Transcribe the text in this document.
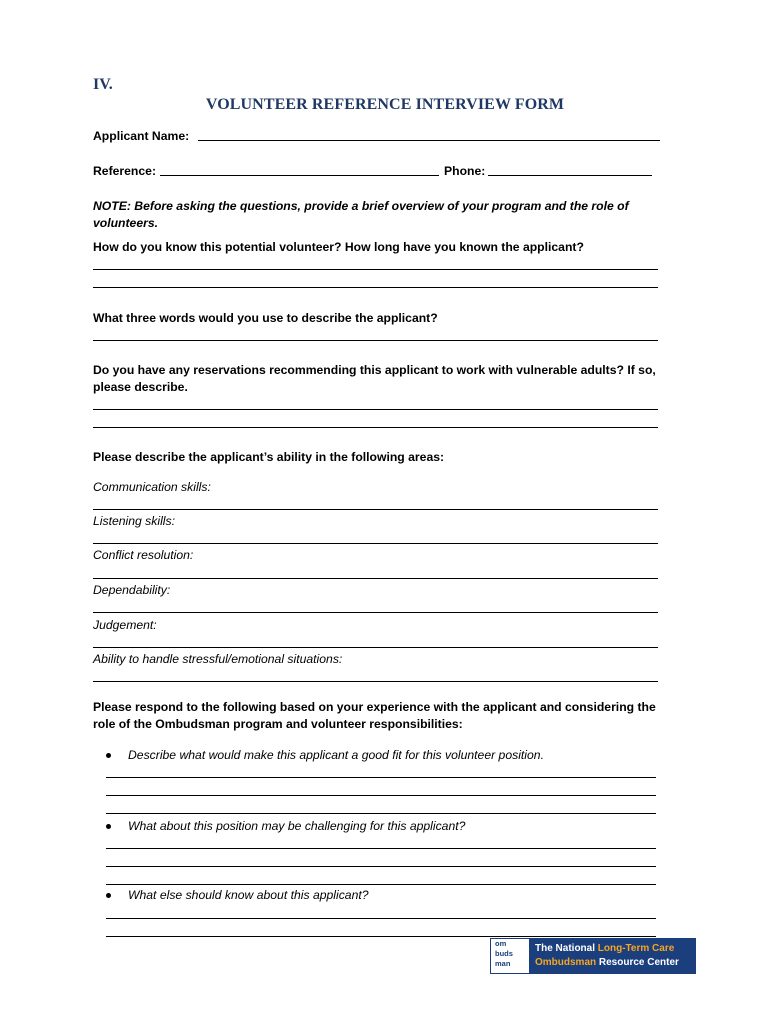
IV.
VOLUNTEER REFERENCE INTERVIEW FORM
Applicant Name:
Reference:	Phone:
NOTE: Before asking the questions, provide a brief overview of your program and the role of volunteers.
How do you know this potential volunteer? How long have you known the applicant?
What three words would you use to describe the applicant?
Do you have any reservations recommending this applicant to work with vulnerable adults? If so,
please describe.
Please describe the applicant’s ability in the following areas:
Communication skills:
Listening skills:
Conflict resolution:
Dependability:
Judgement:
Ability to handle stressful/emotional situations:
Please respond to the following based on your experience with the applicant and considering the
role of the Ombudsman program and volunteer responsibilities:
Describe what would make this applicant a good fit for this volunteer position.
What about this position may be challenging for this applicant?
What else should know about this applicant?
om
buds
man
The National Long-Term Care
Ombudsman Resource Center
